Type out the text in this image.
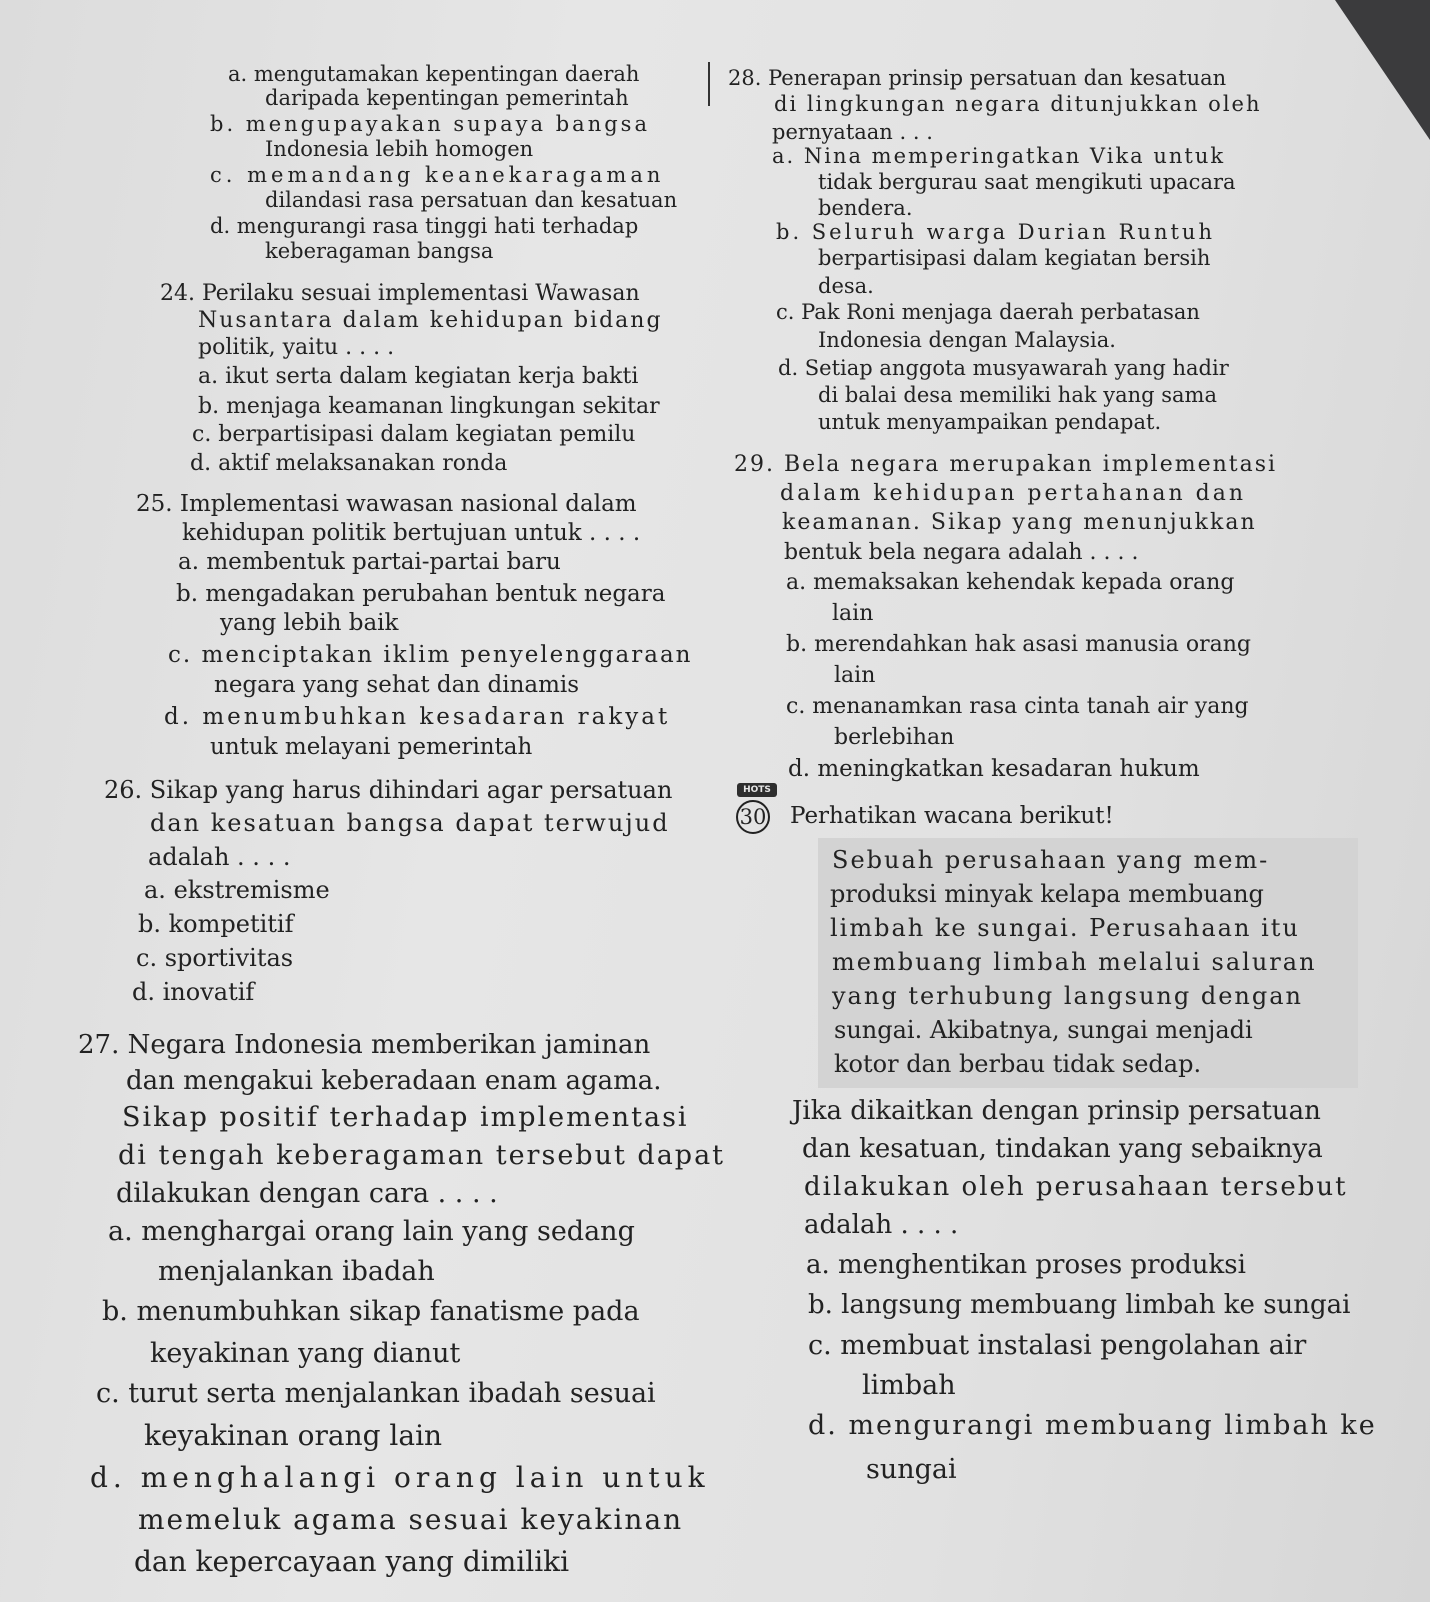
a. mengutamakan kepentingan daerah
daripada kepentingan pemerintah
b. mengupayakan supaya bangsa
Indonesia lebih homogen
c. memandang keanekaragaman
dilandasi rasa persatuan dan kesatuan
d. mengurangi rasa tinggi hati terhadap
keberagaman bangsa
24. Perilaku sesuai implementasi Wawasan
Nusantara dalam kehidupan bidang
politik, yaitu . . . .
a. ikut serta dalam kegiatan kerja bakti
b. menjaga keamanan lingkungan sekitar
c. berpartisipasi dalam kegiatan pemilu
d. aktif melaksanakan ronda
25. Implementasi wawasan nasional dalam
kehidupan politik bertujuan untuk . . . .
a. membentuk partai-partai baru
b. mengadakan perubahan bentuk negara
yang lebih baik
c. menciptakan iklim penyelenggaraan
negara yang sehat dan dinamis
d. menumbuhkan kesadaran rakyat
untuk melayani pemerintah
26. Sikap yang harus dihindari agar persatuan
dan kesatuan bangsa dapat terwujud
adalah . . . .
a. ekstremisme
b. kompetitif
c. sportivitas
d. inovatif
27. Negara Indonesia memberikan jaminan
dan mengakui keberadaan enam agama.
Sikap positif terhadap implementasi
di tengah keberagaman tersebut dapat
dilakukan dengan cara . . . .
a. menghargai orang lain yang sedang
menjalankan ibadah
b. menumbuhkan sikap fanatisme pada
keyakinan yang dianut
c. turut serta menjalankan ibadah sesuai
keyakinan orang lain
d. menghalangi orang lain untuk
memeluk agama sesuai keyakinan
dan kepercayaan yang dimiliki
28. Penerapan prinsip persatuan dan kesatuan
di lingkungan negara ditunjukkan oleh
pernyataan . . .
a. Nina memperingatkan Vika untuk
tidak bergurau saat mengikuti upacara
bendera.
b. Seluruh warga Durian Runtuh
berpartisipasi dalam kegiatan bersih
desa.
c. Pak Roni menjaga daerah perbatasan
Indonesia dengan Malaysia.
d. Setiap anggota musyawarah yang hadir
di balai desa memiliki hak yang sama
untuk menyampaikan pendapat.
29. Bela negara merupakan implementasi
dalam kehidupan pertahanan dan
keamanan. Sikap yang menunjukkan
bentuk bela negara adalah . . . .
a. memaksakan kehendak kepada orang
lain
b. merendahkan hak asasi manusia orang
lain
c. menanamkan rasa cinta tanah air yang
berlebihan
d. meningkatkan kesadaran hukum
HOTS
30 Perhatikan wacana berikut!
Sebuah perusahaan yang mem-
produksi minyak kelapa membuang
limbah ke sungai. Perusahaan itu
membuang limbah melalui saluran
yang terhubung langsung dengan
sungai. Akibatnya, sungai menjadi
kotor dan berbau tidak sedap.
Jika dikaitkan dengan prinsip persatuan
dan kesatuan, tindakan yang sebaiknya
dilakukan oleh perusahaan tersebut
adalah . . . .
a. menghentikan proses produksi
b. langsung membuang limbah ke sungai
c. membuat instalasi pengolahan air
limbah
d. mengurangi membuang limbah ke
sungai
